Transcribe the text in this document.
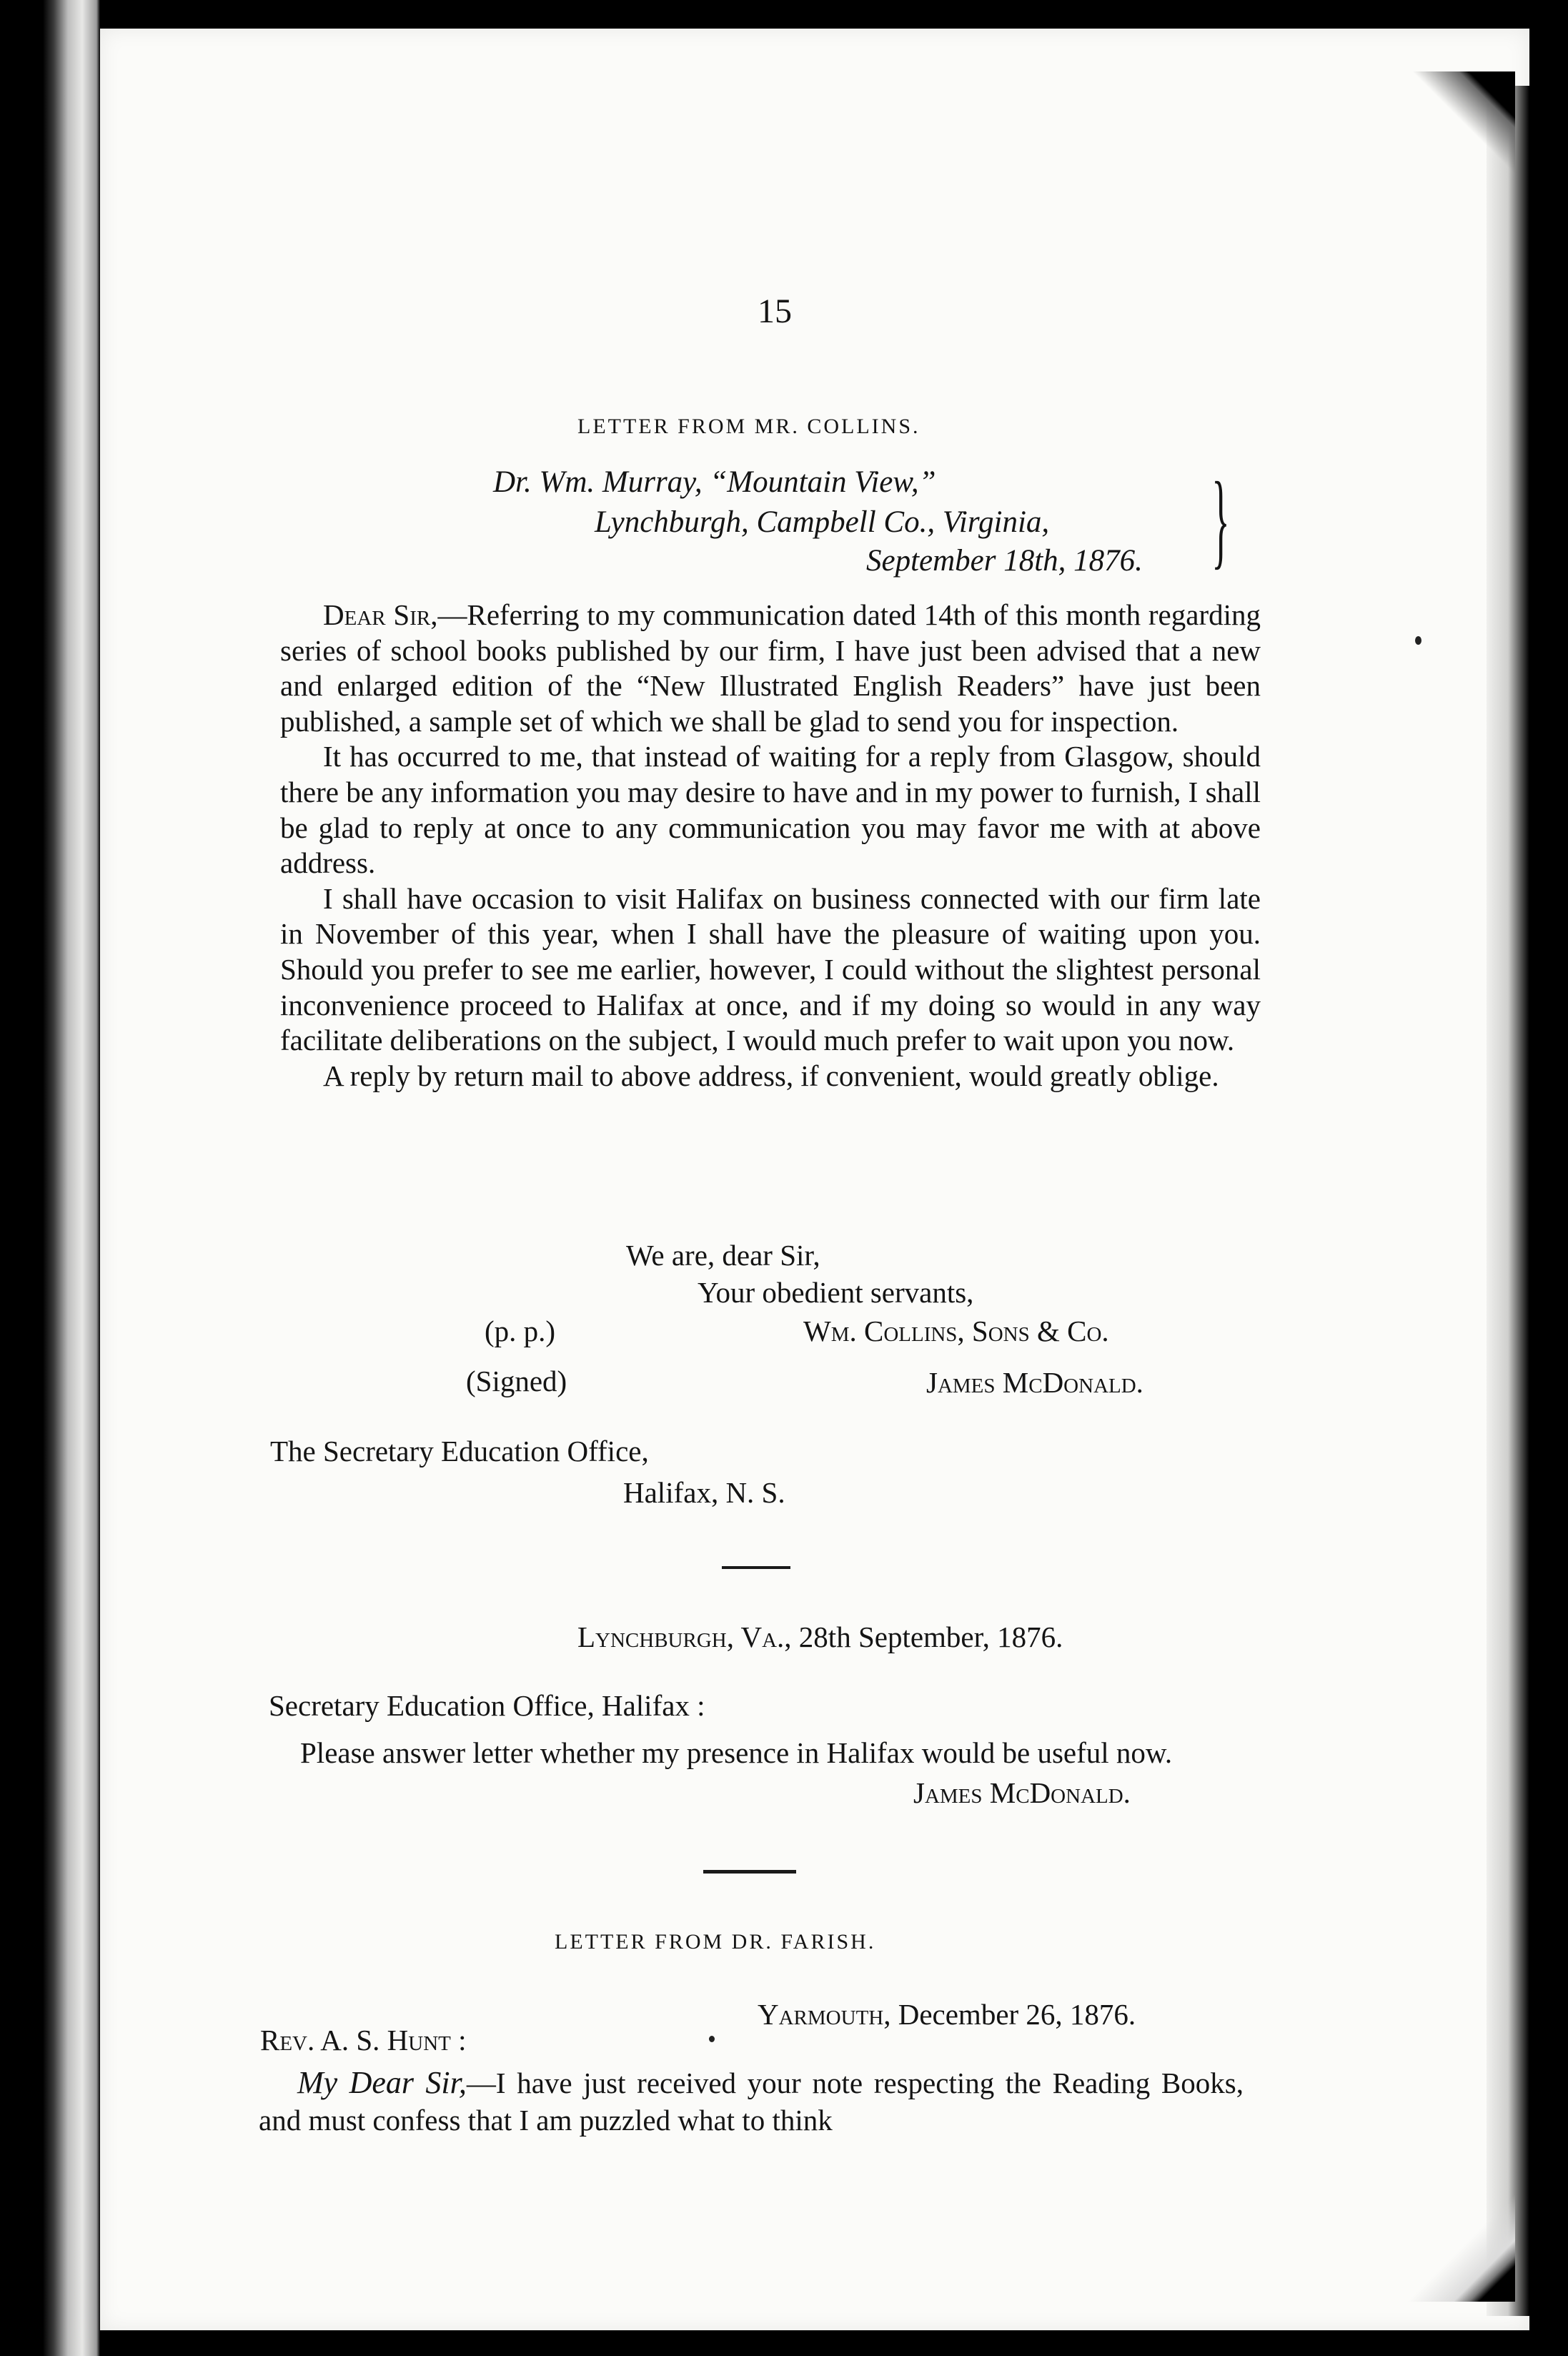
15
LETTER FROM MR. COLLINS.
Dr. Wm. Murray, “Mountain View,”
Lynchburgh, Campbell Co., Virginia,
September 18th, 1876. }

Dear Sir,—Referring to my communication dated 14th of this month regarding series of school books published by our firm, I have just been advised that a new and enlarged edition of the “New Illustrated English Readers” have just been published, a sample set of which we shall be glad to send you for inspection.

It has occurred to me, that instead of waiting for a reply from Glasgow, should there be any information you may desire to have and in my power to furnish, I shall be glad to reply at once to any communication you may favor me with at above address.

I shall have occasion to visit Halifax on business connected with our firm late in November of this year, when I shall have the pleasure of waiting upon you. Should you prefer to see me earlier, however, I could without the slightest personal inconvenience proceed to Halifax at once, and if my doing so would in any way facilitate deliberations on the subject, I would much prefer to wait upon you now.

A reply by return mail to above address, if convenient, would greatly oblige.

We are, dear Sir,
Your obedient servants,
(p. p.)	Wm. Collins, Sons & Co.
(Signed)	James McDonald.
The Secretary Education Office,
Halifax, N. S.
Lynchburgh, Va., 28th September, 1876.
Secretary Education Office, Halifax :

Please answer letter whether my presence in Halifax would be useful now.

James McDonald.
LETTER FROM DR. FARISH.
Yarmouth, December 26, 1876.
Rev. A. S. Hunt :

My Dear Sir,—I have just received your note respecting the Reading Books, and must confess that I am puzzled what to think
